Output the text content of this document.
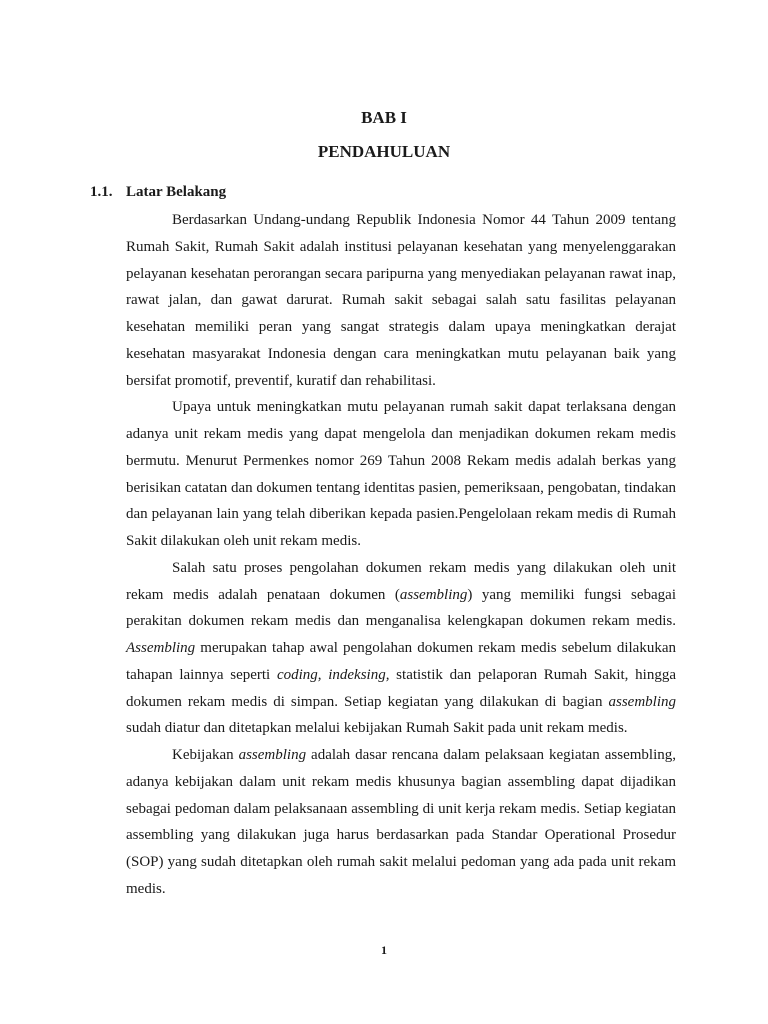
BAB I
PENDAHULUAN
1.1. Latar Belakang

Berdasarkan Undang-undang Republik Indonesia Nomor 44 Tahun 2009 tentang Rumah Sakit, Rumah Sakit adalah institusi pelayanan kesehatan yang menyelenggarakan pelayanan kesehatan perorangan secara paripurna yang menyediakan pelayanan rawat inap, rawat jalan, dan gawat darurat. Rumah sakit sebagai salah satu fasilitas pelayanan kesehatan memiliki peran yang sangat strategis dalam upaya meningkatkan derajat kesehatan masyarakat Indonesia dengan cara meningkatkan mutu pelayanan baik yang bersifat promotif, preventif, kuratif dan rehabilitasi.

Upaya untuk meningkatkan mutu pelayanan rumah sakit dapat terlaksana dengan adanya unit rekam medis yang dapat mengelola dan menjadikan dokumen rekam medis bermutu. Menurut Permenkes nomor 269 Tahun 2008 Rekam medis adalah berkas yang berisikan catatan dan dokumen tentang identitas pasien, pemeriksaan, pengobatan, tindakan dan pelayanan lain yang telah diberikan kepada pasien.Pengelolaan rekam medis di Rumah Sakit dilakukan oleh unit rekam medis.

Salah satu proses pengolahan dokumen rekam medis yang dilakukan oleh unit rekam medis adalah penataan dokumen (assembling) yang memiliki fungsi sebagai perakitan dokumen rekam medis dan menganalisa kelengkapan dokumen rekam medis. Assembling merupakan tahap awal pengolahan dokumen rekam medis sebelum dilakukan tahapan lainnya seperti coding, indeksing, statistik dan pelaporan Rumah Sakit, hingga dokumen rekam medis di simpan. Setiap kegiatan yang dilakukan di bagian assembling sudah diatur dan ditetapkan melalui kebijakan Rumah Sakit pada unit rekam medis.

Kebijakan assembling adalah dasar rencana dalam pelaksaan kegiatan assembling, adanya kebijakan dalam unit rekam medis khusunya bagian assembling dapat dijadikan sebagai pedoman dalam pelaksanaan assembling di unit kerja rekam medis. Setiap kegiatan assembling yang dilakukan juga harus berdasarkan pada Standar Operational Prosedur (SOP) yang sudah ditetapkan oleh rumah sakit melalui pedoman yang ada pada unit rekam medis.

1
